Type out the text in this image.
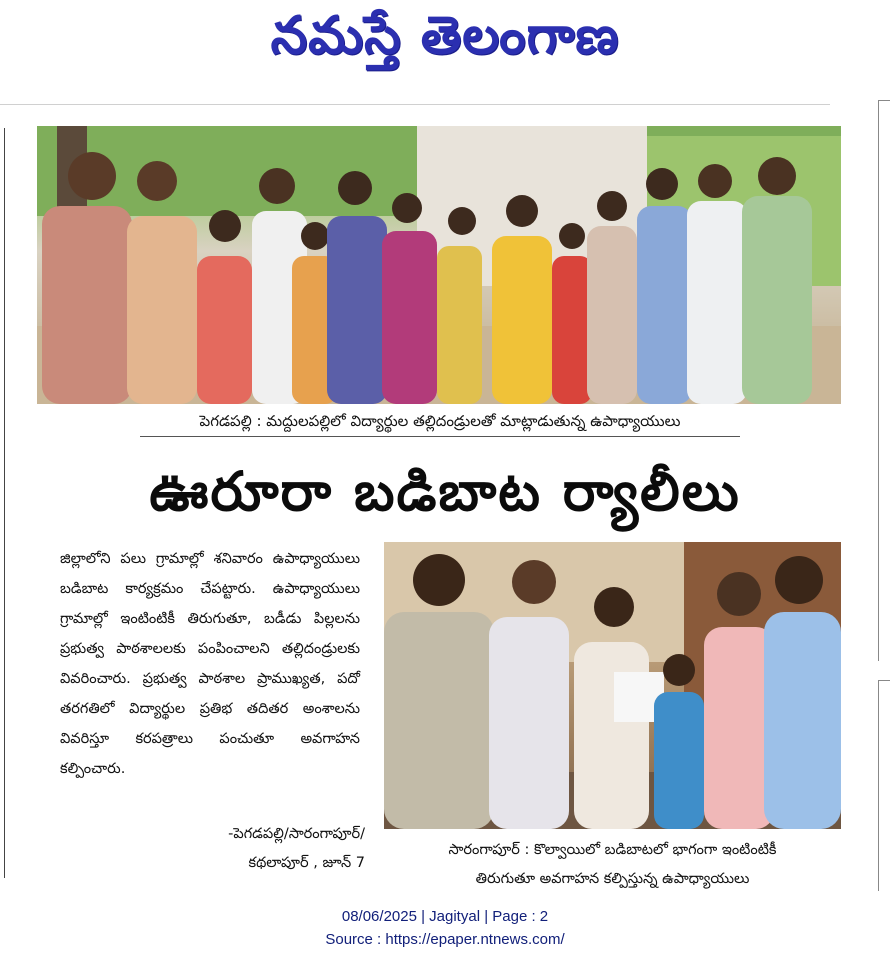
నమస్తే తెలంగాణ
పెగడపల్లి : మద్దులపల్లిలో విద్యార్థుల తల్లిదండ్రులతో మాట్లాడుతున్న ఉపాధ్యాయులు
ఊరూరా బడిబాట ర్యాలీలు

జిల్లాలోని పలు గ్రామాల్లో శనివారం ఉపాధ్యాయులు బడిబాట కార్యక్రమం చేపట్టారు. ఉపాధ్యాయులు గ్రామాల్లో ఇంటింటికీ తిరుగుతూ, బడీడు పిల్లలను ప్రభుత్వ పాఠశాలలకు పంపించాలని తల్లిదండ్రులకు వివరించారు. ప్రభుత్వ పాఠశాల ప్రాముఖ్యత, పదో తరగతిలో విద్యార్థుల ప్రతిభ తదితర అంశాలను వివరిస్తూ కరపత్రాలు పంచుతూ అవగాహన కల్పించారు.

-పెగడపల్లి/సారంగాపూర్/
కథలాపూర్ , జూన్ 7
సారంగాపూర్ : కొల్వాయిలో బడిబాటలో భాగంగా ఇంటింటికీ
తిరుగుతూ అవగాహన కల్పిస్తున్న ఉపాధ్యాయులు
08/06/2025 | Jagityal | Page : 2
Source : https://epaper.ntnews.com/
